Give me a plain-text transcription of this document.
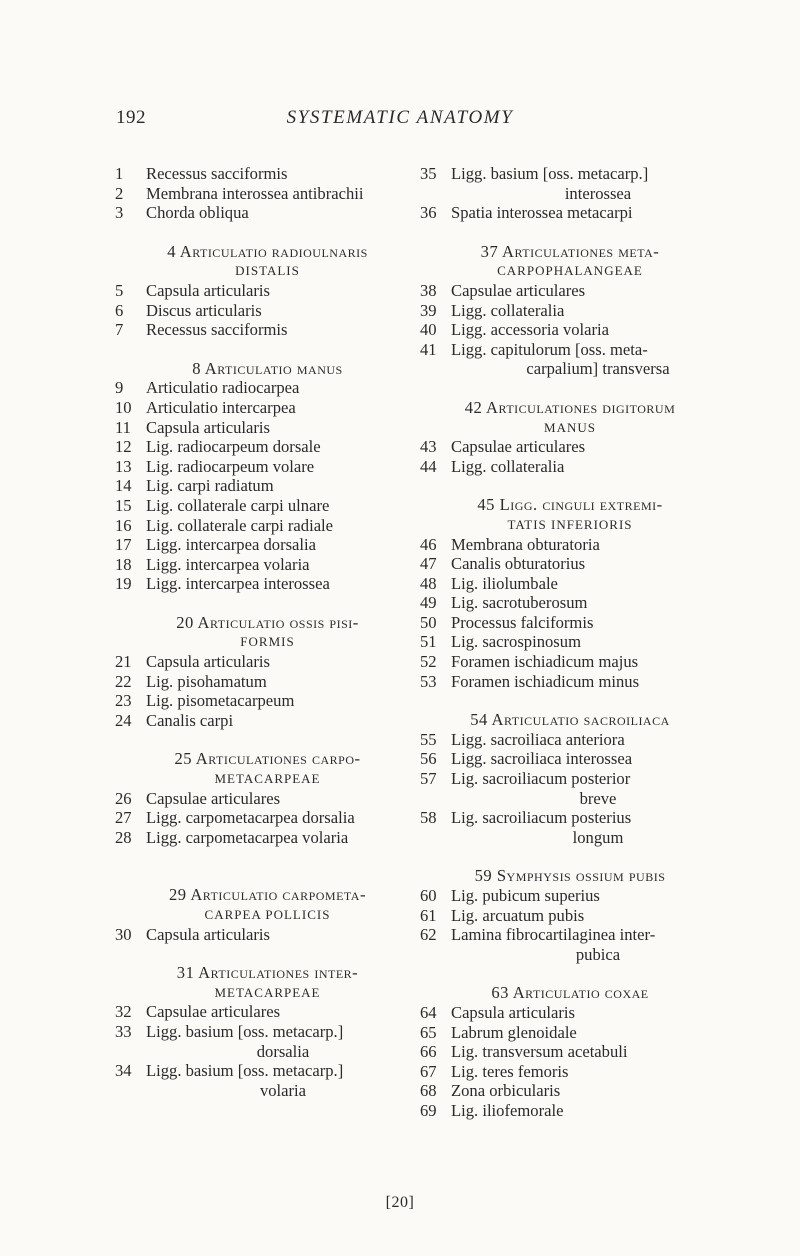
192	SYSTEMATIC ANATOMY
1	Recessus sacciformis
2	Membrana interossea antibrachii
3	Chorda obliqua
4 Articulatio radioulnaris
DISTALIS
5	Capsula articularis
6	Discus articularis
7	Recessus sacciformis
8 Articulatio manus
9	Articulatio radiocarpea
10 Articulatio intercarpea
11 Capsula articularis
12 Lig. radiocarpeum dorsale
13 Lig. radiocarpeum volare
14 Lig. carpi radiatum
15 Lig. collaterale carpi ulnare
16 Lig. collaterale carpi radiale
17 Ligg. intercarpea dorsalia
18 Ligg. intercarpea volaria
19 Ligg. intercarpea interossea
20 Articulatio ossis pisi-
FORMIS
21 Capsula articularis
22 Lig. pisohamatum
23 Lig. pisometacarpeum
24 Canalis carpi
25 Articulationes carpo-
METACARPEAE
26 Capsulae articulares
27 Ligg. carpometacarpea dorsalia
28 Ligg. carpometacarpea volaria
29 Articulatio carpometa-
CARPEA POLLICIS
30 Capsula articularis
31 Articulationes inter-
METACARPEAE
32 Capsulae articulares
33 Ligg. basium [oss. metacarp.]
dorsalia
34 Ligg. basium [oss. metacarp.]
volaria
35 Ligg. basium [oss. metacarp.]
interossea
36 Spatia interossea metacarpi
37 Articulationes meta-
CARPOPHALANGEAE
38 Capsulae articulares
39 Ligg. collateralia
40 Ligg. accessoria volaria
41 Ligg. capitulorum [oss. meta-
carpalium] transversa
42 Articulationes digitorum
MANUS
43 Capsulae articulares
44 Ligg. collateralia
45 Ligg. cinguli extremi-
TATIS INFERIORIS
46 Membrana obturatoria
47 Canalis obturatorius
48 Lig. iliolumbale
49 Lig. sacrotuberosum
50 Processus falciformis
51 Lig. sacrospinosum
52 Foramen ischiadicum majus
53 Foramen ischiadicum minus
54 Articulatio sacroiliaca
55 Ligg. sacroiliaca anteriora
56 Ligg. sacroiliaca interossea
57 Lig. sacroiliacum posterior
breve
58 Lig. sacroiliacum posterius
longum
59 Symphysis ossium pubis
60 Lig. pubicum superius
61 Lig. arcuatum pubis
62 Lamina fibrocartilaginea inter-
pubica
63 Articulatio coxae
64 Capsula articularis
65 Labrum glenoidale
66 Lig. transversum acetabuli
67 Lig. teres femoris
68 Zona orbicularis
69 Lig. iliofemorale
[20]
